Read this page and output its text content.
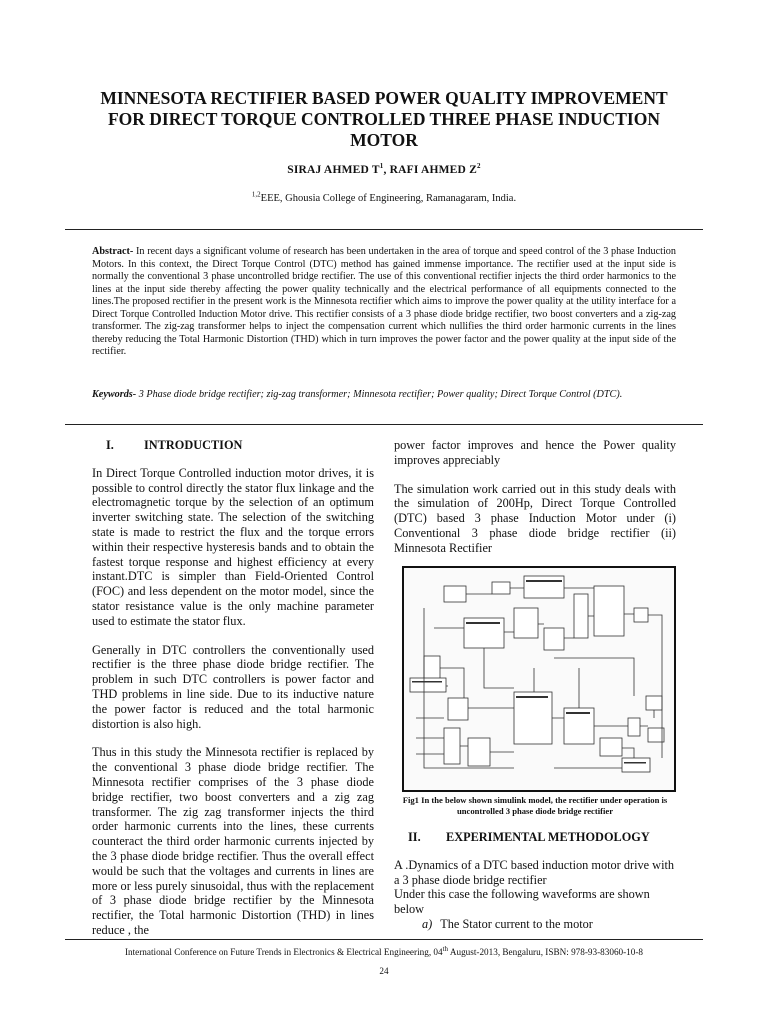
MINNESOTA RECTIFIER BASED POWER QUALITY IMPROVEMENT FOR DIRECT TORQUE CONTROLLED THREE PHASE INDUCTION MOTOR
SIRAJ AHMED $T^1$, RAFI AHMED $Z^2$
$^{1,2}$EEE, Ghousia College of Engineering, Ramanagaram, India.
Abstract- In recent days a significant volume of research has been undertaken in the area of torque and speed control of the 3 phase Induction Motors. In this context, the Direct Torque Control (DTC) method has gained immense importance. The rectifier used at the input side is normally the conventional 3 phase uncontrolled bridge rectifier. The use of this conventional rectifier injects the third order harmonics to the lines at the input side thereby affecting the power quality technically and the electrical performance of all equipments connected to the lines.The proposed rectifier in the present work is the Minnesota rectifier which aims to improve the power quality at the utility interface for a Direct Torque Controlled Induction Motor drive. This rectifier consists of a 3 phase diode bridge rectifier, two boost converters and a zig-zag transformer. The zig-zag transformer helps to inject the compensation current which nullifies the third order harmonic currents in the lines thereby reducing the Total Harmonic Distortion (THD) which in turn improves the power factor and the power quality at the input side of the rectifier.
Keywords- 3 Phase diode bridge rectifier; zig-zag transformer; Minnesota rectifier; Power quality; Direct Torque Control (DTC).
I. INTRODUCTION

In Direct Torque Controlled induction motor drives, it is possible to control directly the stator flux linkage and the electromagnetic torque by the selection of an optimum inverter switching state. The selection of the switching state is made to restrict the flux and the torque errors within their respective hysteresis bands and to obtain the fastest torque response and highest efficiency at every instant.DTC is simpler than Field-Oriented Control (FOC) and less dependent on the motor model, since the stator resistance value is the only machine parameter used to estimate the stator flux.

Generally in DTC controllers the conventionally used rectifier is the three phase diode bridge rectifier. The problem in such DTC controllers is power factor and THD problems in line side. Due to its inductive nature the power factor is reduced and the total harmonic distortion is also high.

Thus in this study the Minnesota rectifier is replaced by the conventional 3 phase diode bridge rectifier. The Minnesota rectifier comprises of the 3 phase diode bridge rectifier, two boost converters and a zig zag transformer. The zig zag transformer injects the third order harmonic currents into the lines, these currents counteract the third order harmonic currents injected by the 3 phase diode bridge rectifier. Thus the overall effect would be such that the voltages and currents in lines are more or less purely sinusoidal, thus with the replacement of 3 phase diode bridge rectifier by the Minnesota rectifier, the Total harmonic Distortion (THD) in lines reduce , the

power factor improves and hence the Power quality improves appreciably

The simulation work carried out in this study deals with the simulation of 200Hp, Direct Torque Controlled (DTC) based 3 phase Induction Motor under (i) Conventional 3 phase diode bridge rectifier (ii) Minnesota Rectifier

Fig1 In the below shown simulink model, the rectifier under operation is uncontrolled 3 phase diode bridge rectifier
II. EXPERIMENTAL METHODOLOGY
A .Dynamics of a DTC based induction motor drive with a 3 phase diode bridge rectifier
Under this case the following waveforms are shown below
a) The Stator current to the motor
International Conference on Future Trends in Electronics & Electrical Engineering, 04th August-2013, Bengaluru, ISBN: 978-93-83060-10-8
24
